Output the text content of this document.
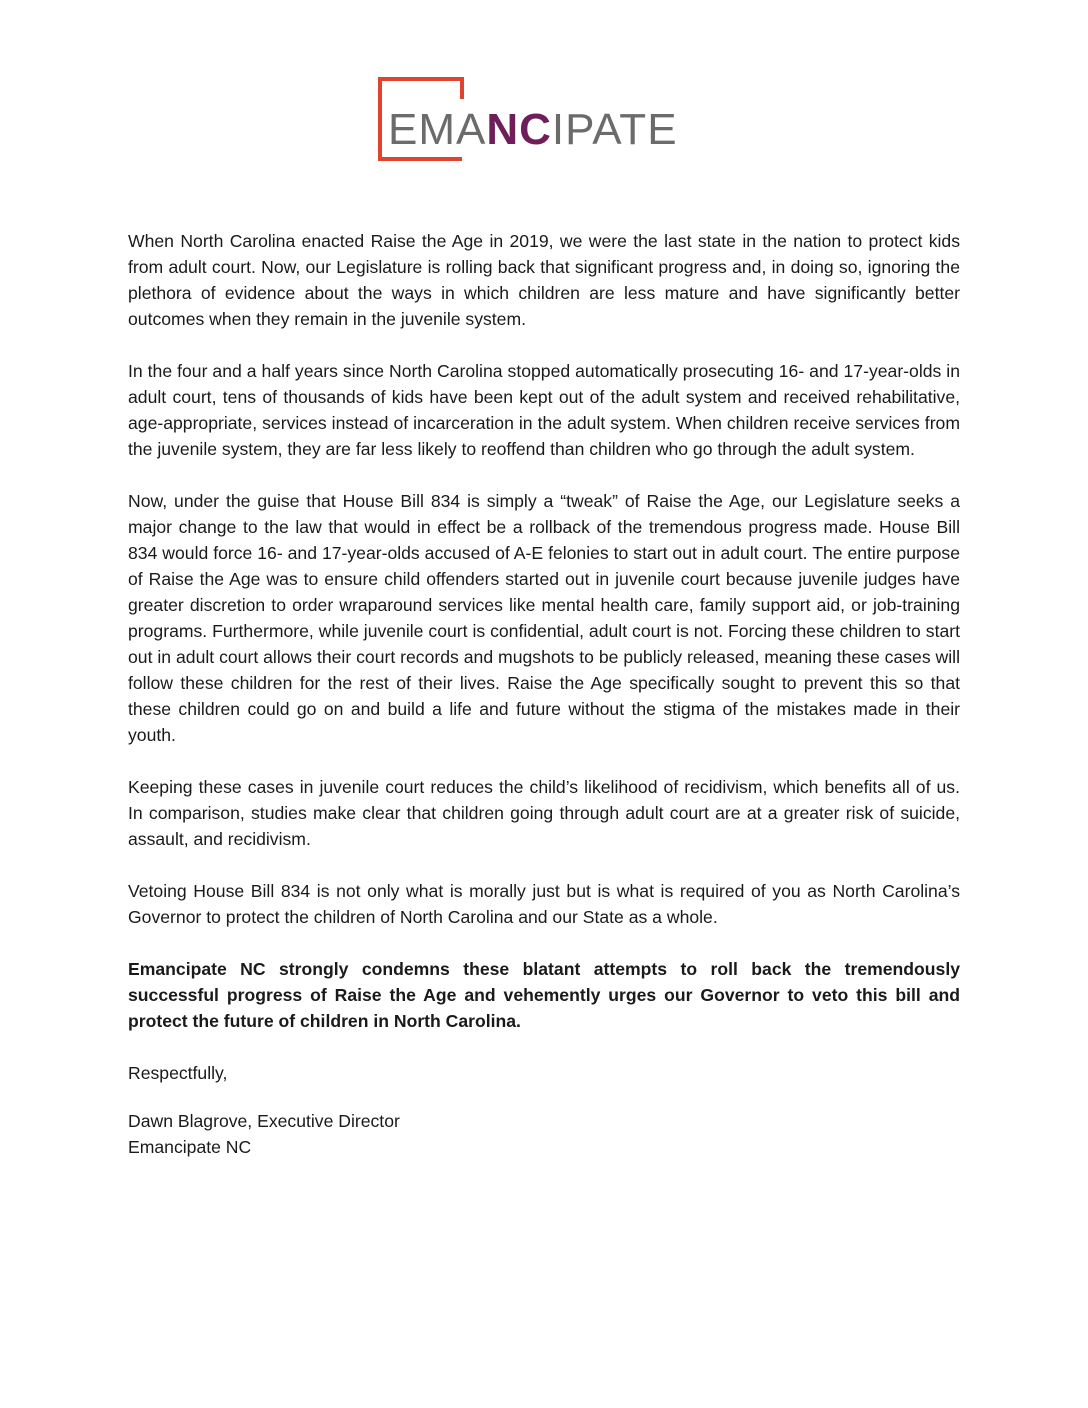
EMANCIPATE

When North Carolina enacted Raise the Age in 2019, we were the last state in the nation to protect kids from adult court. Now, our Legislature is rolling back that significant progress and, in doing so, ignoring the plethora of evidence about the ways in which children are less mature and have significantly better outcomes when they remain in the juvenile system.

In the four and a half years since North Carolina stopped automatically prosecuting 16- and 17-year-olds in adult court, tens of thousands of kids have been kept out of the adult system and received rehabilitative, age-appropriate, services instead of incarceration in the adult system. When children receive services from the juvenile system, they are far less likely to reoffend than children who go through the adult system.

Now, under the guise that House Bill 834 is simply a “tweak” of Raise the Age, our Legislature seeks a major change to the law that would in effect be a rollback of the tremendous progress made. House Bill 834 would force 16- and 17-year-olds accused of A-E felonies to start out in adult court. The entire purpose of Raise the Age was to ensure child offenders started out in juvenile court because juvenile judges have greater discretion to order wraparound services like mental health care, family support aid, or job-training programs. Furthermore, while juvenile court is confidential, adult court is not. Forcing these children to start out in adult court allows their court records and mugshots to be publicly released, meaning these cases will follow these children for the rest of their lives. Raise the Age specifically sought to prevent this so that these children could go on and build a life and future without the stigma of the mistakes made in their youth.

Keeping these cases in juvenile court reduces the child’s likelihood of recidivism, which benefits all of us. In comparison, studies make clear that children going through adult court are at a greater risk of suicide, assault, and recidivism.

Vetoing House Bill 834 is not only what is morally just but is what is required of you as North Carolina’s Governor to protect the children of North Carolina and our State as a whole.

Emancipate NC strongly condemns these blatant attempts to roll back the tremendously successful progress of Raise the Age and vehemently urges our Governor to veto this bill and protect the future of children in North Carolina.

Respectfully,

Dawn Blagrove, Executive Director
Emancipate NC
